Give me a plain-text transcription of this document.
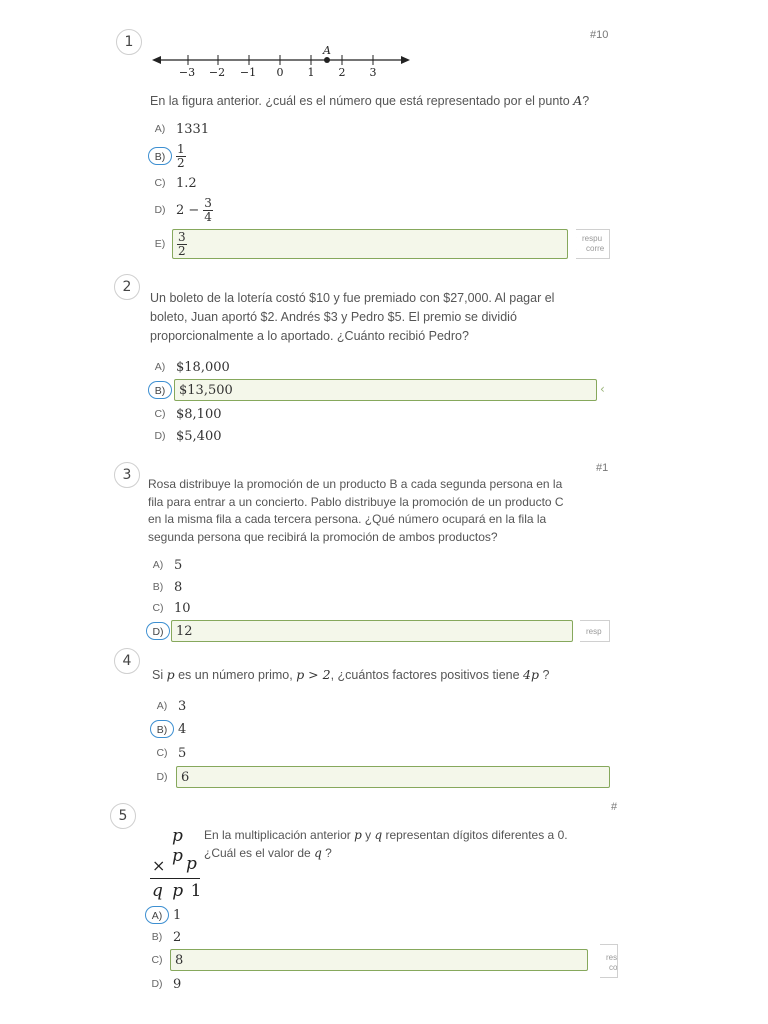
1	#10
A
−3 −2 −1 0 1 2 3
En la figura anterior. ¿cuál es el número que está representado por el punto A?
A) 1331
$B) \frac{1}{2}$
C) 1.2
D) $2 - \frac{3}{4}$
$E) \frac{3}{2}$	respu
corre
2
Un boleto de la lotería costó $10 y fue premiado con $27,000. Al pagar el
boleto, Juan aportó $2. Andrés $3 y Pedro $5. El premio se dividió
proporcionalmente a lo aportado. ¿Cuánto recibió Pedro?
A) $18,000
B)	$13,500	‹
C) $8,100
D) $5,400
3	#1
Rosa distribuye la promoción de un producto B a cada segunda persona en la
fila para entrar a un concierto. Pablo distribuye la promoción de un producto C
en la misma fila a cada tercera persona. ¿Qué número ocupará en la fila la
segunda persona que recibirá la promoción de ambos productos?
A) 5
B) 8
C) 10
D) 12	resp
4
Si p es un número primo, p > 2, ¿cuántos factores positivos tiene 4p ?
A) 3
B) 4
C) 5
D)	6
5
#
p p
× p
q p 1
En la multiplicación anterior p y q representan dígitos diferentes a 0.
¿Cuál es el valor de q ?
A) 1
B) 2
C) 8	res
co
D) 9
